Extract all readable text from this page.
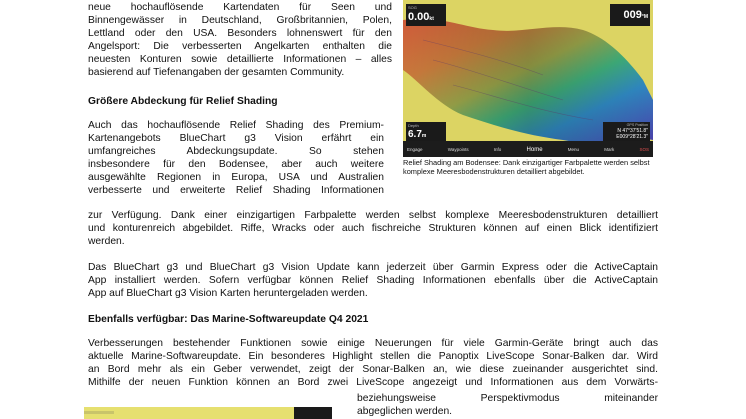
neue hochauflösende Kartendaten für Seen und
Binnengewässer in Deutschland, Großbritannien, Polen,
Lettland oder den USA. Besonders lohnenswert für den
Angelsport: Die verbesserten Angelkarten enthalten die
neuesten Konturen sowie detaillierte Informationen – alles
basierend auf Tiefenangaben der gesamten Community.
Größere Abdeckung für Relief Shading
Auch das hochauflösende Relief Shading des Premium-
Kartenangebots BlueChart g3 Vision erfährt ein
umfangreiches Abdeckungsupdate. So stehen
insbesondere für den Bodensee, aber auch weitere
ausgewählte Regionen in Europa, USA und Australien
verbesserte und erweiterte Relief Shading Informationen
zur Verfügung. Dank einer einzigartigen Farbpalette werden selbst komplexe Meeresbodenstrukturen detailliert
und konturenreich abgebildet. Riffe, Wracks oder auch fischreiche Strukturen können auf einen Blick identifiziert
werden.
Das BlueChart g3 und BlueChart g3 Vision Update kann jederzeit über Garmin Express oder die ActiveCaptain
App installiert werden. Sofern verfügbar können Relief Shading Informationen ebenfalls über die ActiveCaptain
App auf BlueChart g3 Vision Karten heruntergeladen werden.
Ebenfalls verfügbar: Das Marine-Softwareupdate Q4 2021
Verbesserungen bestehender Funktionen sowie einige Neuerungen für viele Garmin-Geräte bringt auch das
aktuelle Marine-Softwareupdate. Ein besonderes Highlight stellen die Panoptix LiveScope Sonar-Balken dar. Wird
an Bord mehr als ein Geber verwendet, zeigt der Sonar-Balken an, wie diese zueinander ausgerichtet sind.
Mithilfe der neuen Funktion können an Bord zwei LiveScope angezeigt und Informationen aus dem Vorwärts-
beziehungsweise Perspektivmodus miteinander
abgeglichen werden.
SOG
0.00kt	009°M
Depth
6.7m
GPS Position
N 47°37'51.8"
E009°28'21.3"
Engage	Waypoints	Info	Home	Menu	Mark	SOS
Relief Shading am Bodensee: Dank einzigartiger Farbpalette werden selbst komplexe Meeresbodenstrukturen detailliert abgebildet.
